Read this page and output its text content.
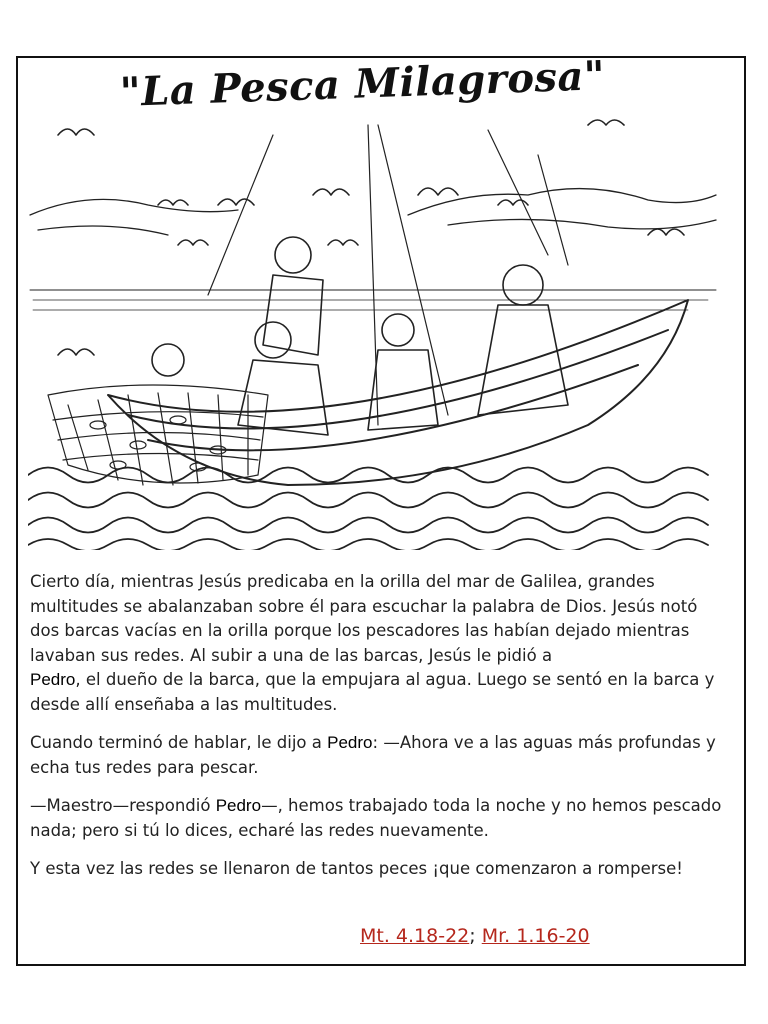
"La Pesca Milagrosa"

Cierto día, mientras Jesús predicaba en la orilla del mar de Galilea, grandes multitudes se abalanzaban sobre él para escuchar la palabra de Dios. Jesús notó dos barcas vacías en la orilla porque los pescadores las habían dejado mientras lavaban sus redes. Al subir a una de las barcas, Jesús le pidió a
Pedro, el dueño de la barca, que la empujara al agua. Luego se sentó en la barca y desde allí enseñaba a las multitudes.

Cuando terminó de hablar, le dijo a Pedro: —Ahora ve a las aguas más profundas y echa tus redes para pescar.

—Maestro—respondió Pedro—, hemos trabajado toda la noche y no hemos pescado nada; pero si tú lo dices, echaré las redes nuevamente.

Y esta vez las redes se llenaron de tantos peces ¡que comenzaron a romperse!

Mt. 4.18-22; Mr. 1.16-20
